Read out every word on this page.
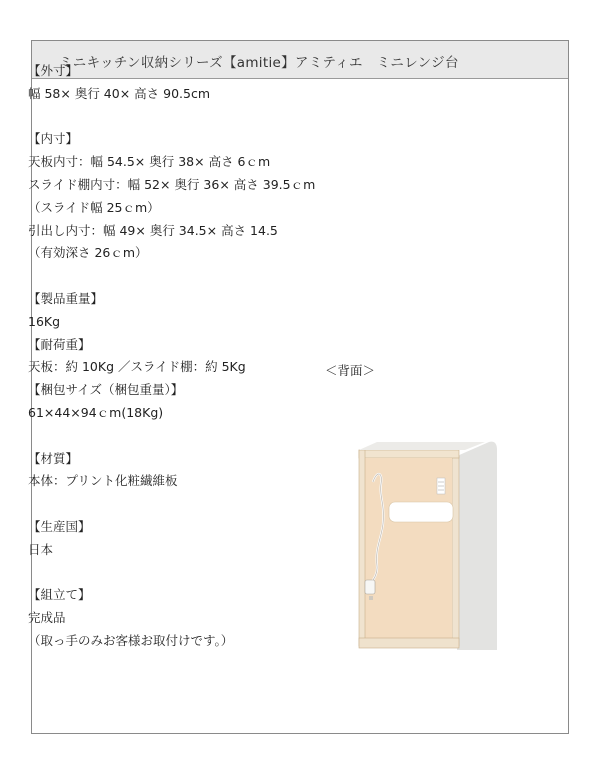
ミニキッチン収納シリーズ【amitie】アミティエ　ミニレンジ台
【外寸】
幅 58× 奥行 40× 高さ 90.5cm
【内寸】
天板内寸：幅 54.5× 奥行 38× 高さ 6ｃm
スライド棚内寸：幅 52× 奥行 36× 高さ 39.5ｃm
（スライド幅 25ｃm）
引出し内寸：幅 49× 奥行 34.5× 高さ 14.5
（有効深さ 26ｃm）
【製品重量】
16Kg
【耐荷重】
天板：約 10Kg ／スライド棚：約 5Kg
【梱包サイズ（梱包重量）】
61×44×94ｃm(18Kg)
【材質】
本体：プリント化粧繊維板
【生産国】
日本
【組立て】
完成品
（取っ手のみお客様お取付けです。）
＜背面＞
